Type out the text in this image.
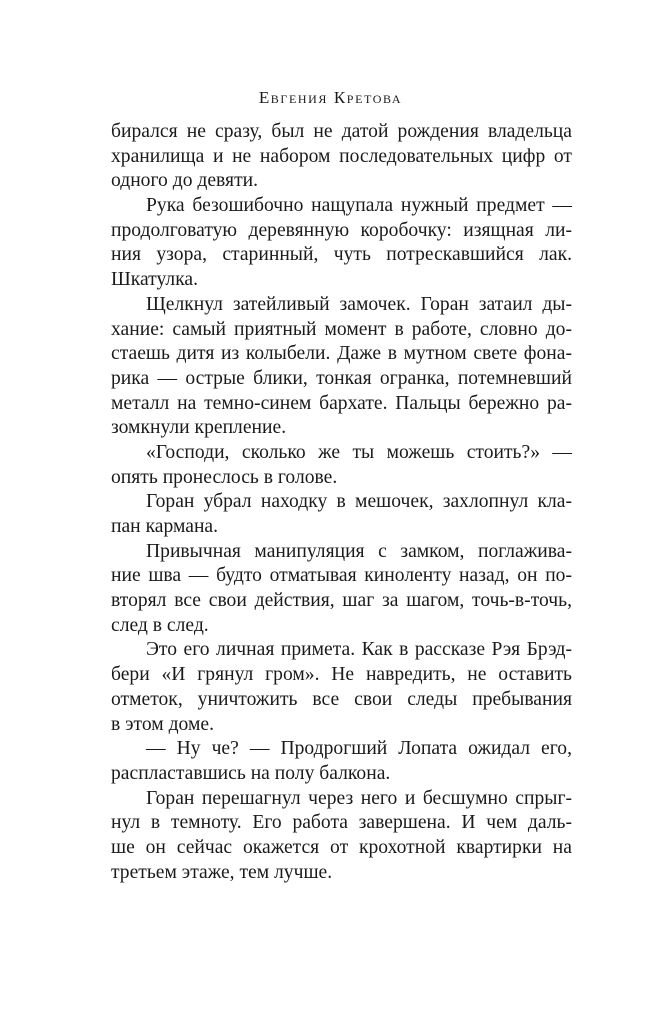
Евгения Кретова
бирался не сразу, был не датой рождения владельца
хранилища и не набором последовательных цифр от
одного до девяти.
Рука безошибочно нащупала нужный предмет —
продолговатую деревянную коробочку: изящная ли-
ния узора, старинный, чуть потрескавшийся лак.
Шкатулка.
Щелкнул затейливый замочек. Горан затаил ды-
хание: самый приятный момент в работе, словно до-
стаешь дитя из колыбели. Даже в мутном свете фона-
рика — острые блики, тонкая огранка, потемневший
металл на темно-синем бархате. Пальцы бережно ра-
зомкнули крепление.
«Господи, сколько же ты можешь стоить?» —
опять пронеслось в голове.
Горан убрал находку в мешочек, захлопнул кла-
пан кармана.
Привычная манипуляция с замком, поглажива-
ние шва — будто отматывая киноленту назад, он по-
вторял все свои действия, шаг за шагом, точь-в-точь,
след в след.
Это его личная примета. Как в рассказе Рэя Брэд-
бери «И грянул гром». Не навредить, не оставить
отметок, уничтожить все свои следы пребывания
в этом доме.
— Ну че? — Продрогший Лопата ожидал его,
распластавшись на полу балкона.
Горан перешагнул через него и бесшумно спрыг-
нул в темноту. Его работа завершена. И чем даль-
ше он сейчас окажется от крохотной квартирки на
третьем этаже, тем лучше.
